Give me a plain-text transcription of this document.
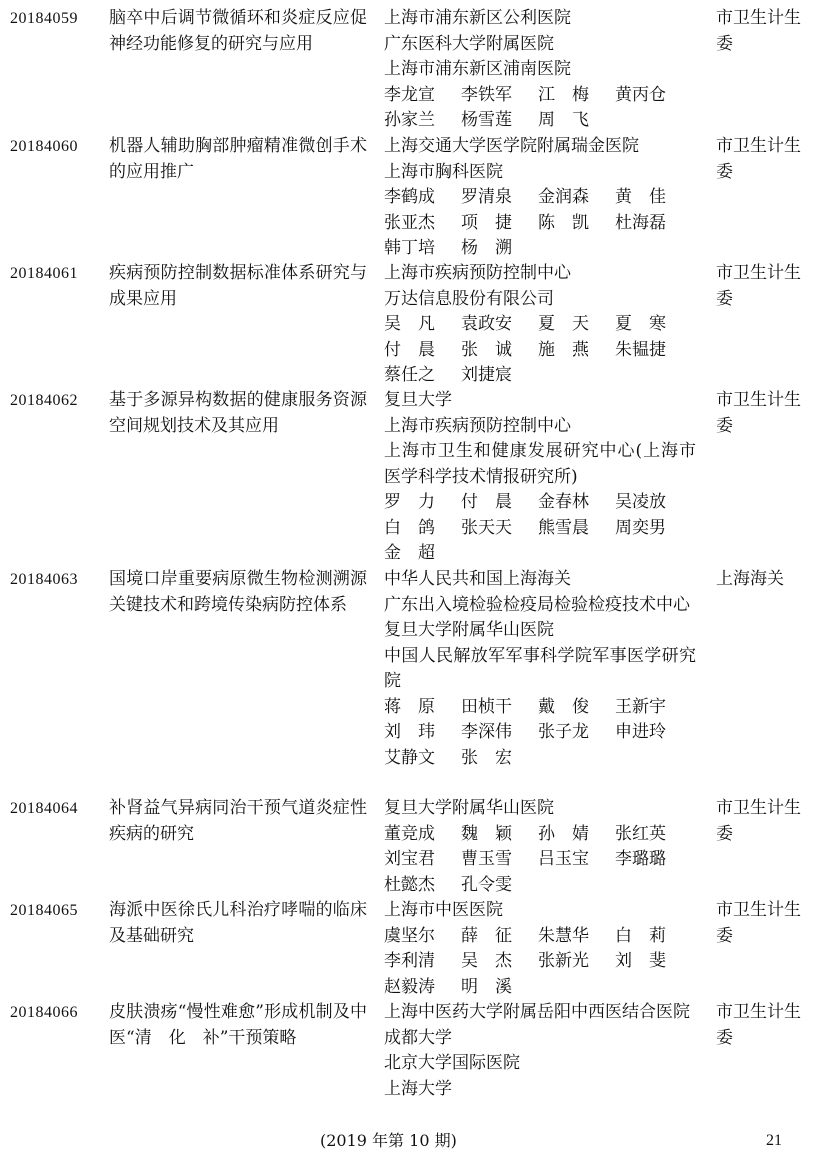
20184059 脑卒中后调节微循环和炎症反应促神经功能修复的研究与应用
上海市浦东新区公利医院
广东医科大学附属医院
上海市浦东新区浦南医院
李龙宣 李铁军 江　梅 黄丙仓
孙家兰 杨雪莲 周　飞
市卫生计生委
20184060 机器人辅助胸部肿瘤精准微创手术的应用推广
上海交通大学医学院附属瑞金医院
上海市胸科医院
李鹤成 罗清泉 金润森 黄　佳
张亚杰 项　捷 陈　凯 杜海磊
韩丁培 杨　溯
市卫生计生委
20184061 疾病预防控制数据标准体系研究与成果应用
上海市疾病预防控制中心
万达信息股份有限公司
吴　凡 袁政安 夏　天 夏　寒
付　晨 张　诚 施　燕 朱韫捷
蔡任之 刘捷宸
市卫生计生委
20184062 基于多源异构数据的健康服务资源空间规划技术及其应用
复旦大学
上海市疾病预防控制中心
上海市卫生和健康发展研究中心(上海市医学科学技术情报研究所)
罗　力 付　晨 金春林 吴凌放
白　鸽 张天天 熊雪晨 周奕男
金　超
市卫生计生委
20184063 国境口岸重要病原微生物检测溯源关键技术和跨境传染病防控体系
中华人民共和国上海海关
广东出入境检验检疫局检验检疫技术中心
复旦大学附属华山医院
中国人民解放军军事科学院军事医学研究院
蒋　原 田桢干 戴　俊 王新宇
刘　玮 李深伟 张子龙 申进玲
艾静文 张　宏
上海海关
20184064 补肾益气异病同治干预气道炎症性疾病的研究
复旦大学附属华山医院
董竞成 魏　颖 孙　婧 张红英
刘宝君 曹玉雪 吕玉宝 李璐璐
杜懿杰 孔令雯
市卫生计生委
20184065 海派中医徐氏儿科治疗哮喘的临床及基础研究
上海市中医医院
虞坚尔 薛　征 朱慧华 白　莉
李利清 吴　杰 张新光 刘　斐
赵毅涛 明　溪
市卫生计生委
20184066 皮肤溃疡“慢性难愈”形成机制及中医“清　化　补”干预策略
上海中医药大学附属岳阳中西医结合医院
成都大学
北京大学国际医院
上海大学
市卫生计生委
(2019 年第 10 期)	21
